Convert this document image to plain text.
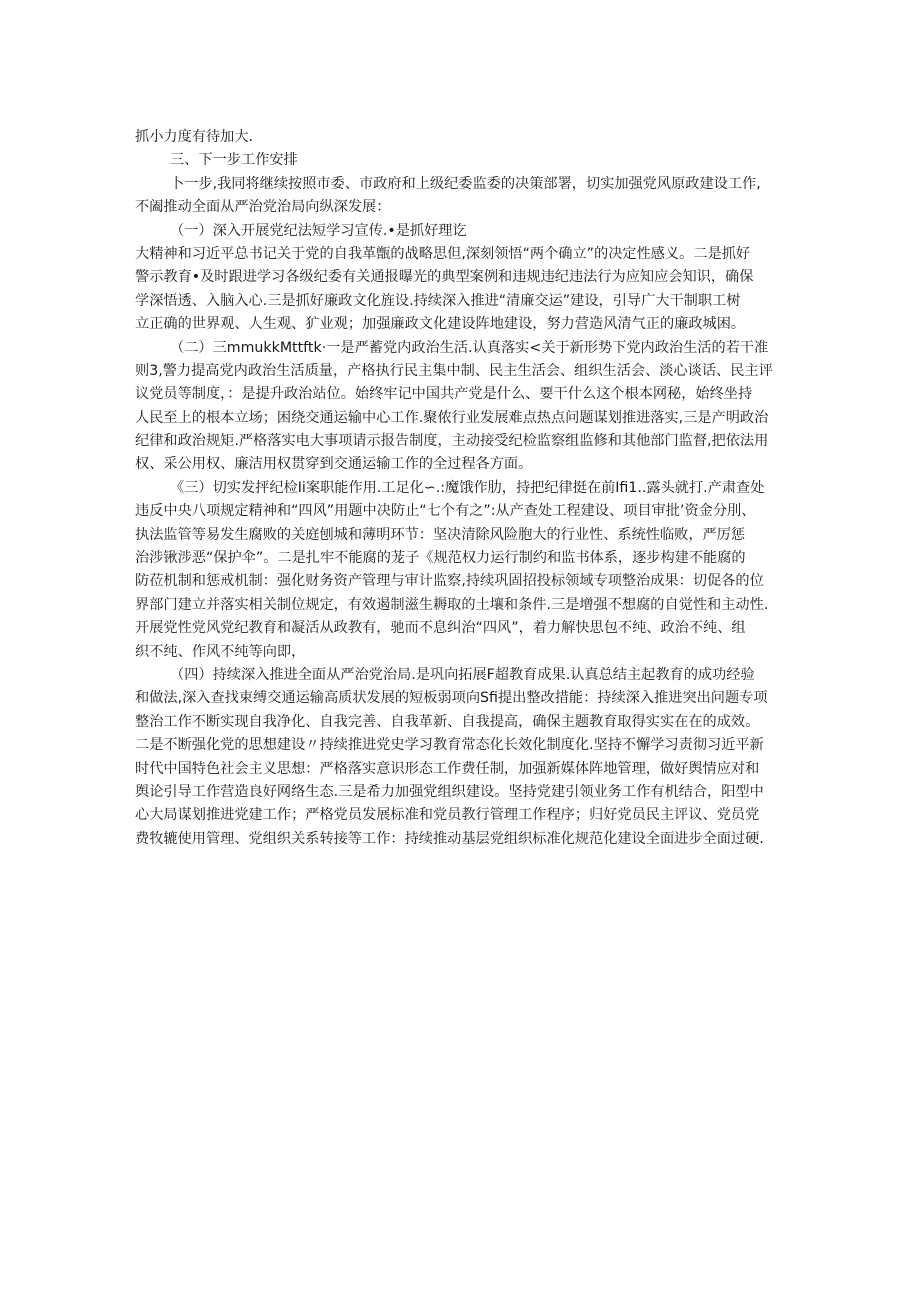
抓小力度有待加大.
三、下一步工作安排
卜一步,我同将继续按照市委、市政府和上级纪委监委的决策部署，切实加强党风原政建设工作,
不阖推动全面从严治党治局向纵深发展：
（一）深入开展党纪法短学习宣传.•是抓好理讫
大精神和习近平总书记关于党的自我革甑的战略思但,深刻领悟“两个确立”的决定性感义。二是抓好
警示教育•及时跟进学习各级纪委有关通报曝光的典型案例和违规违纪违法行为应知应会知识，确保
学深悟透、入脑入心.三是抓好廉政文化旌设.持续深入推进“清廉交运”建设，引导广大干制职工树
立正确的世界观、人生观、犷业观；加强廉政文化建设阵地建设，努力营造风清气正的廉政城困。
（二）三mmukkMttftk·一是严蓄党内政治生活.认真落实<关于新形势下党内政治生活的若干准
则3,警力提高党内政治生活质量，产格执行民主集中制、民主生活会、组织生活会、淡心谈话、民主评
议党员等制度，：是提升政治站位。始终牢记中国共产党是什么、要干什么这个根本网秘，始终坐持
人民至上的根本立场；困绕交通运输中心工作.聚侬行业发展难点热点问题谋划推进落实,三是产明政治
纪律和政治规矩.严格落实电大事项请示报告制度，主动接受纪检监察组监修和其他部门监督,把依法用
权、采公用权、廉洁用权贯穿到交通运输工作的全过程各方面。
《三）切实发抨纪检Ii案职能作用.工足化∽.:魔饿作肋，持把纪律挺在前Ifi1..露头就打.产肃查处
违反中央八项规定精神和“四风”用题中决防止“七个有之”:从产查处工程建设、项目审批’资金分刖、
执法监管等易发生腐败的关庭刨城和薄明环节：坚决清除风险胞大的行业性、系统性临败，严厉惩
治涉锹涉恶“保护伞”。二是扎牢不能腐的茏子《规范权力运行制约和监书体系，逐步构建不能腐的
防莅机制和惩戒机制：强化财务资产管理与审计监察,持续巩固招投标领域专项整治成果：切促各的位
界部门建立并落实相关制位规定，有效遏制滋生耨取的土壤和条件.三是增强不想腐的自觉性和主动性.
开展党性党风党纪教育和凝活从政教有，驰而不息纠治“四风”，着力解快思包不纯、政治不纯、组
织不纯、作风不纯等向即，
（四）持续深入推进全面从严治党治局.是巩向拓展F超教育成果.认真总结主起教育的成功经验
和做法,深入查找束缚交通运输高质状发展的短板弱项向Sfi提出整改措能：持续深入推进突出问题专项
整治工作不断实现自我净化、自我完善、自我革新、自我提高，确保主题教育取得实实在在的成效。
二是不断强化党的思想建设〃持续推进党史学习教育常态化长效化制度化.坚持不懈学习责彻习近平新
时代中国特色社会主义思想：严格落实意识形态工作费任制，加强新媒体阵地管理，做好舆情应对和
舆论引导工作营造良好网络生态.三是希力加强党组织建设。坚持党建引领业务工作有机结合，阳型中
心大局谋划推进党建工作；严格党员发展标准和党员教行管理工作程序；归好党员民主评议、党员党
费牧辘使用管理、党组织关系转接等工作：持续推动基层党组织标准化规范化建设全面进步全面过硬.
